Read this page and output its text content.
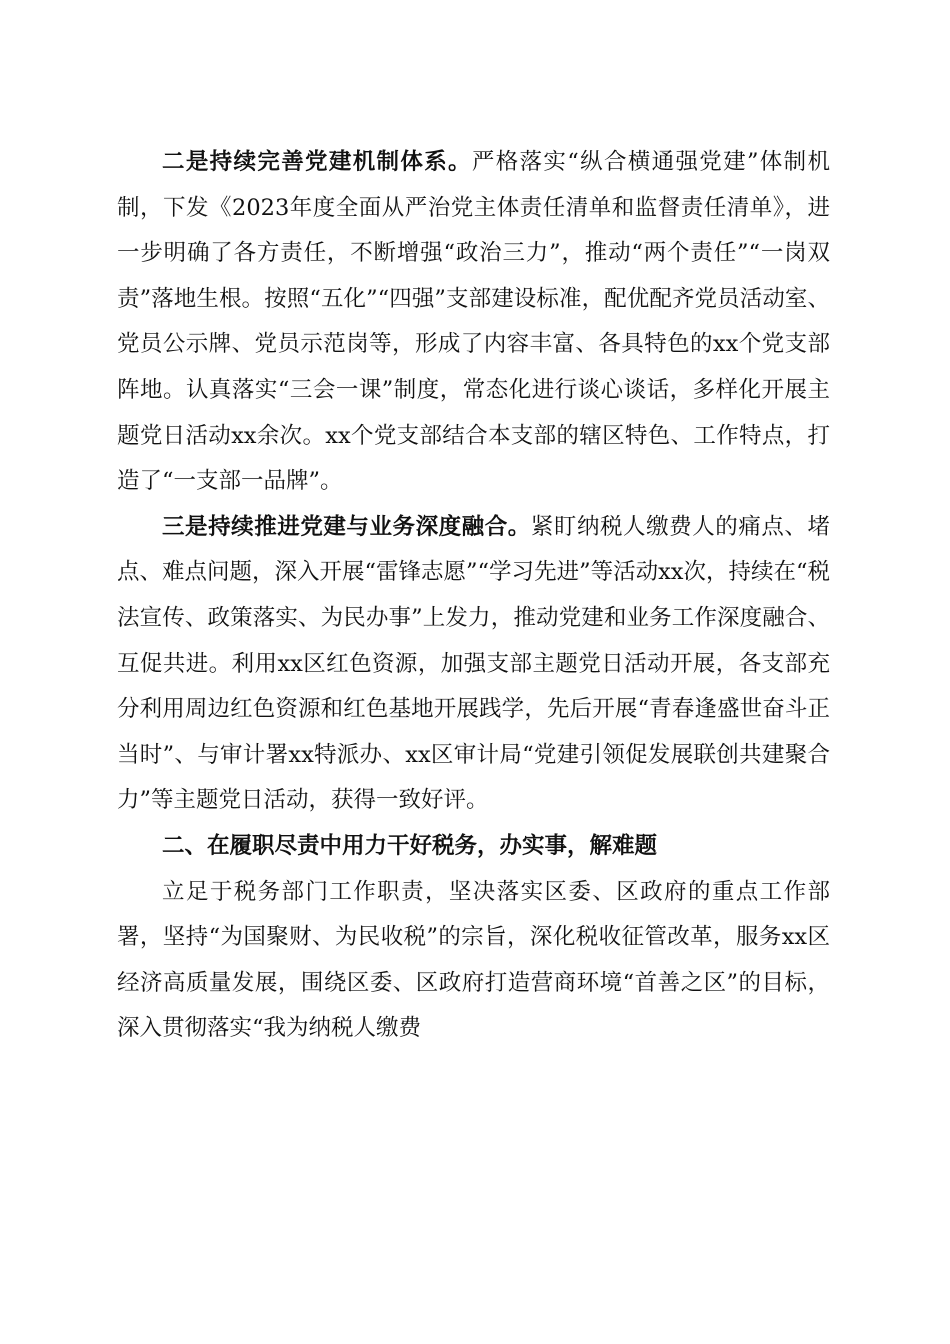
二是持续完善党建机制体系。严格落实“纵合横通强党建”体制机制，下发《2023年度全面从严治党主体责任清单和监督责任清单》，进一步明确了各方责任，不断增强“政治三力”，推动“两个责任”“一岗双责”落地生根。按照“五化”“四强”支部建设标准，配优配齐党员活动室、党员公示牌、党员示范岗等，形成了内容丰富、各具特色的xx个党支部阵地。认真落实“三会一课”制度，常态化进行谈心谈话，多样化开展主题党日活动xx余次。xx个党支部结合本支部的辖区特色、工作特点，打造了“一支部一品牌”。

三是持续推进党建与业务深度融合。紧盯纳税人缴费人的痛点、堵点、难点问题，深入开展“雷锋志愿”“学习先进”等活动xx次，持续在“税法宣传、政策落实、为民办事”上发力，推动党建和业务工作深度融合、互促共进。利用xx区红色资源，加强支部主题党日活动开展，各支部充分利用周边红色资源和红色基地开展践学，先后开展“青春逢盛世奋斗正当时”、与审计署xx特派办、xx区审计局“党建引领促发展联创共建聚合力”等主题党日活动，获得一致好评。

二、在履职尽责中用力干好税务，办实事，解难题

立足于税务部门工作职责，坚决落实区委、区政府的重点工作部署，坚持“为国聚财、为民收税”的宗旨，深化税收征管改革，服务xx区经济高质量发展，围绕区委、区政府打造营商环境“首善之区”的目标，深入贯彻落实“我为纳税人缴费
